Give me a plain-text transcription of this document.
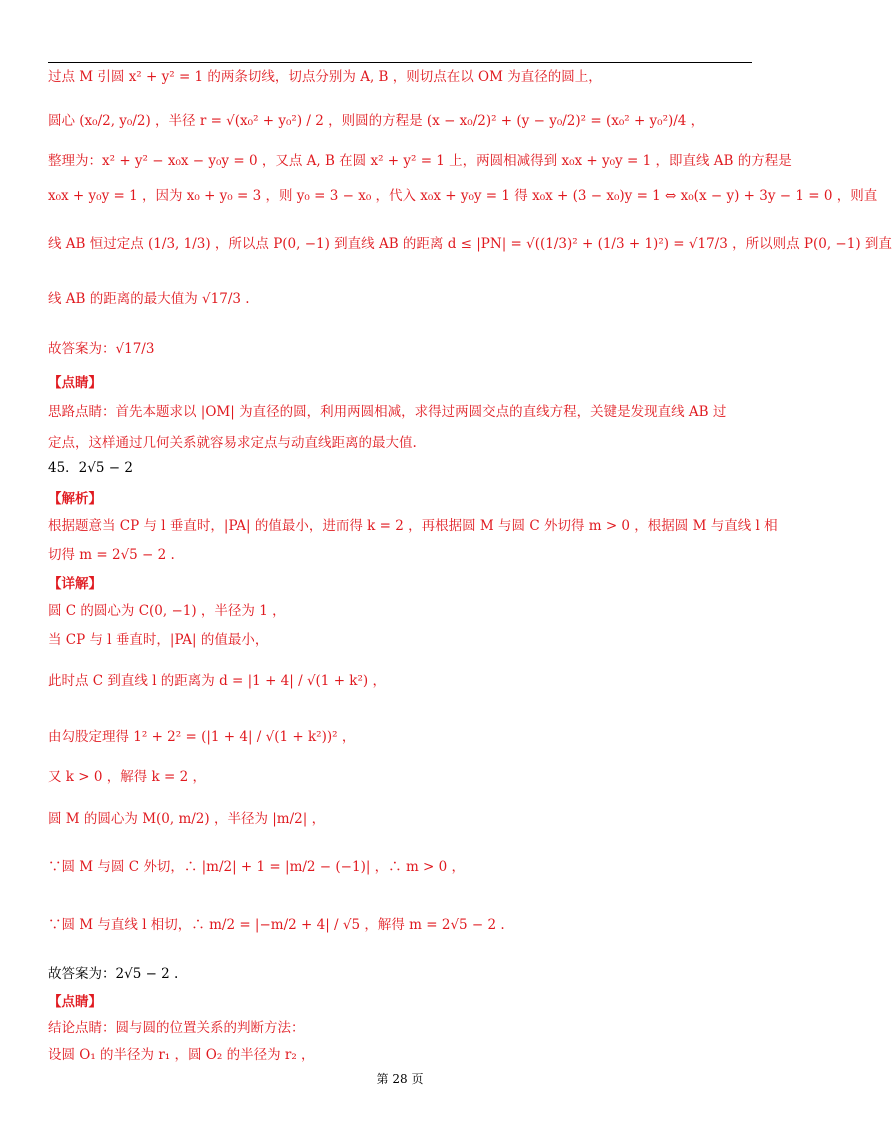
过点 M 引圆 x² + y² = 1 的两条切线，切点分别为 A, B ，则切点在以 OM 为直径的圆上，
圆心 (x₀/2, y₀/2) ，半径 r = √(x₀² + y₀²) / 2 ，则圆的方程是 (x − x₀/2)² + (y − y₀/2)² = (x₀² + y₀²)/4 ，
整理为：x² + y² − x₀x − y₀y = 0 ，又点 A, B 在圆 x² + y² = 1 上，两圆相减得到 x₀x + y₀y = 1 ，即直线 AB 的方程是
x₀x + y₀y = 1 ，因为 x₀ + y₀ = 3 ，则 y₀ = 3 − x₀ ，代入 x₀x + y₀y = 1 得 x₀x + (3 − x₀)y = 1 ⇔ x₀(x − y) + 3y − 1 = 0 ，则直
线 AB 恒过定点 (1/3, 1/3) ，所以点 P(0, −1) 到直线 AB 的距离 d ≤ |PN| = √((1/3)² + (1/3 + 1)²) = √17/3 ，所以则点 P(0, −1) 到直
线 AB 的距离的最大值为 √17/3 .
故答案为：√17/3
【点睛】
思路点睛：首先本题求以 |OM| 为直径的圆，利用两圆相减，求得过两圆交点的直线方程，关键是发现直线 AB 过
定点，这样通过几何关系就容易求定点与动直线距离的最大值.
45．2√5 − 2
【解析】
根据题意当 CP 与 l 垂直时，|PA| 的值最小，进而得 k = 2 ，再根据圆 M 与圆 C 外切得 m > 0 ，根据圆 M 与直线 l 相
切得 m = 2√5 − 2 .
【详解】
圆 C 的圆心为 C(0, −1) ，半径为 1 ，
当 CP 与 l 垂直时，|PA| 的值最小，
此时点 C 到直线 l 的距离为 d = |1 + 4| / √(1 + k²) ，
由勾股定理得 1² + 2² = (|1 + 4| / √(1 + k²))² ，
又 k > 0 ，解得 k = 2 ，
圆 M 的圆心为 M(0, m/2) ，半径为 |m/2| ，
∵圆 M 与圆 C 外切，∴ |m/2| + 1 = |m/2 − (−1)| ，∴ m > 0 ，
∵圆 M 与直线 l 相切，∴ m/2 = |−m/2 + 4| / √5 ，解得 m = 2√5 − 2 .
故答案为：2√5 − 2 .
【点睛】
结论点睛：圆与圆的位置关系的判断方法：
设圆 O₁ 的半径为 r₁ ，圆 O₂ 的半径为 r₂ ，
第 28 页
